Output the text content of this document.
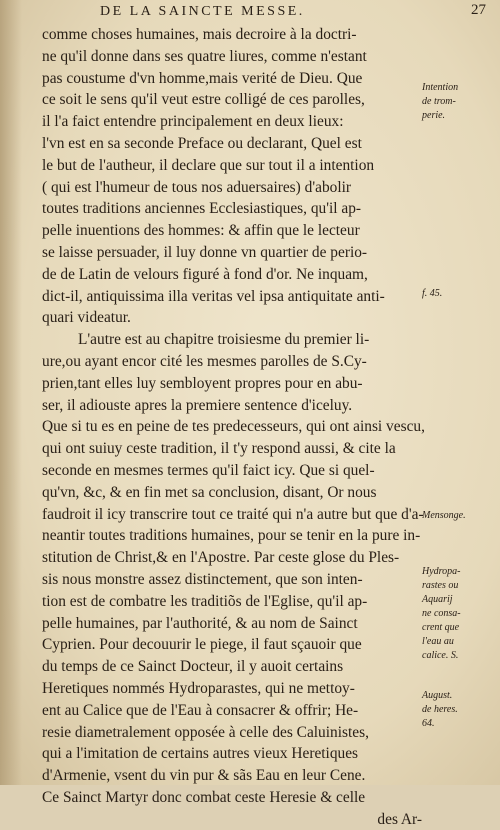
DE LA SAINCTE MESSE.	27
comme choses humaines, mais decroire à la doctri-
ne qu'il donne dans ses quatre liures, comme n'estant
pas coustume d'vn homme,mais verité de Dieu. Que
ce soit le sens qu'il veut estre colligé de ces parolles,
il l'a faict entendre principalement en deux lieux:
l'vn est en sa seconde Preface ou declarant, Quel est
le but de l'autheur, il declare que sur tout il a intention
( qui est l'humeur de tous nos aduersaires) d'abolir
toutes traditions anciennes Ecclesiastiques, qu'il ap-
pelle inuentions des hommes: & affin que le lecteur
se laisse persuader, il luy donne vn quartier de perio-
de de Latin de velours figuré à fond d'or. Ne inquam,
dict-il, antiquissima illa veritas vel ipsa antiquitate anti-
quari videatur.
L'autre est au chapitre troisiesme du premier li-
ure,ou ayant encor cité les mesmes parolles de S.Cy-
prien,tant elles luy sembloyent propres pour en abu-
ser, il adiouste apres la premiere sentence d'iceluy.
Que si tu es en peine de tes predecesseurs, qui ont ainsi vescu,
qui ont suiuy ceste tradition, il t'y respond aussi, & cite la
seconde en mesmes termes qu'il faict icy. Que si quel-
qu'vn, &c, & en fin met sa conclusion, disant, Or nous
faudroit il icy transcrire tout ce traité qui n'a autre but que d'a-
neantir toutes traditions humaines, pour se tenir en la pure in-
stitution de Christ,& en l'Apostre. Par ceste glose du Ples-
sis nous monstre assez distinctement, que son inten-
tion est de combatre les traditiõs de l'Eglise, qu'il ap-
pelle humaines, par l'authorité, & au nom de Sainct
Cyprien. Pour decouurir le piege, il faut sçauoir que
du temps de ce Sainct Docteur, il y auoit certains
Heretiques nommés Hydroparastes, qui ne mettoy-
ent au Calice que de l'Eau à consacrer & offrir; He-
resie diametralement opposée à celle des Caluinistes,
qui a l'imitation de certains autres vieux Heretiques
d'Armenie, vsent du vin pur & sãs Eau en leur Cene.
Ce Sainct Martyr donc combat ceste Heresie & celle
des Ar-
Intention
de trom-
perie.
f. 45.
Mensonge.
Hydropa-
rastes ou
Aquarij
ne consa-
crent que
l'eau au
calice. S.
August.
de heres.
64.
